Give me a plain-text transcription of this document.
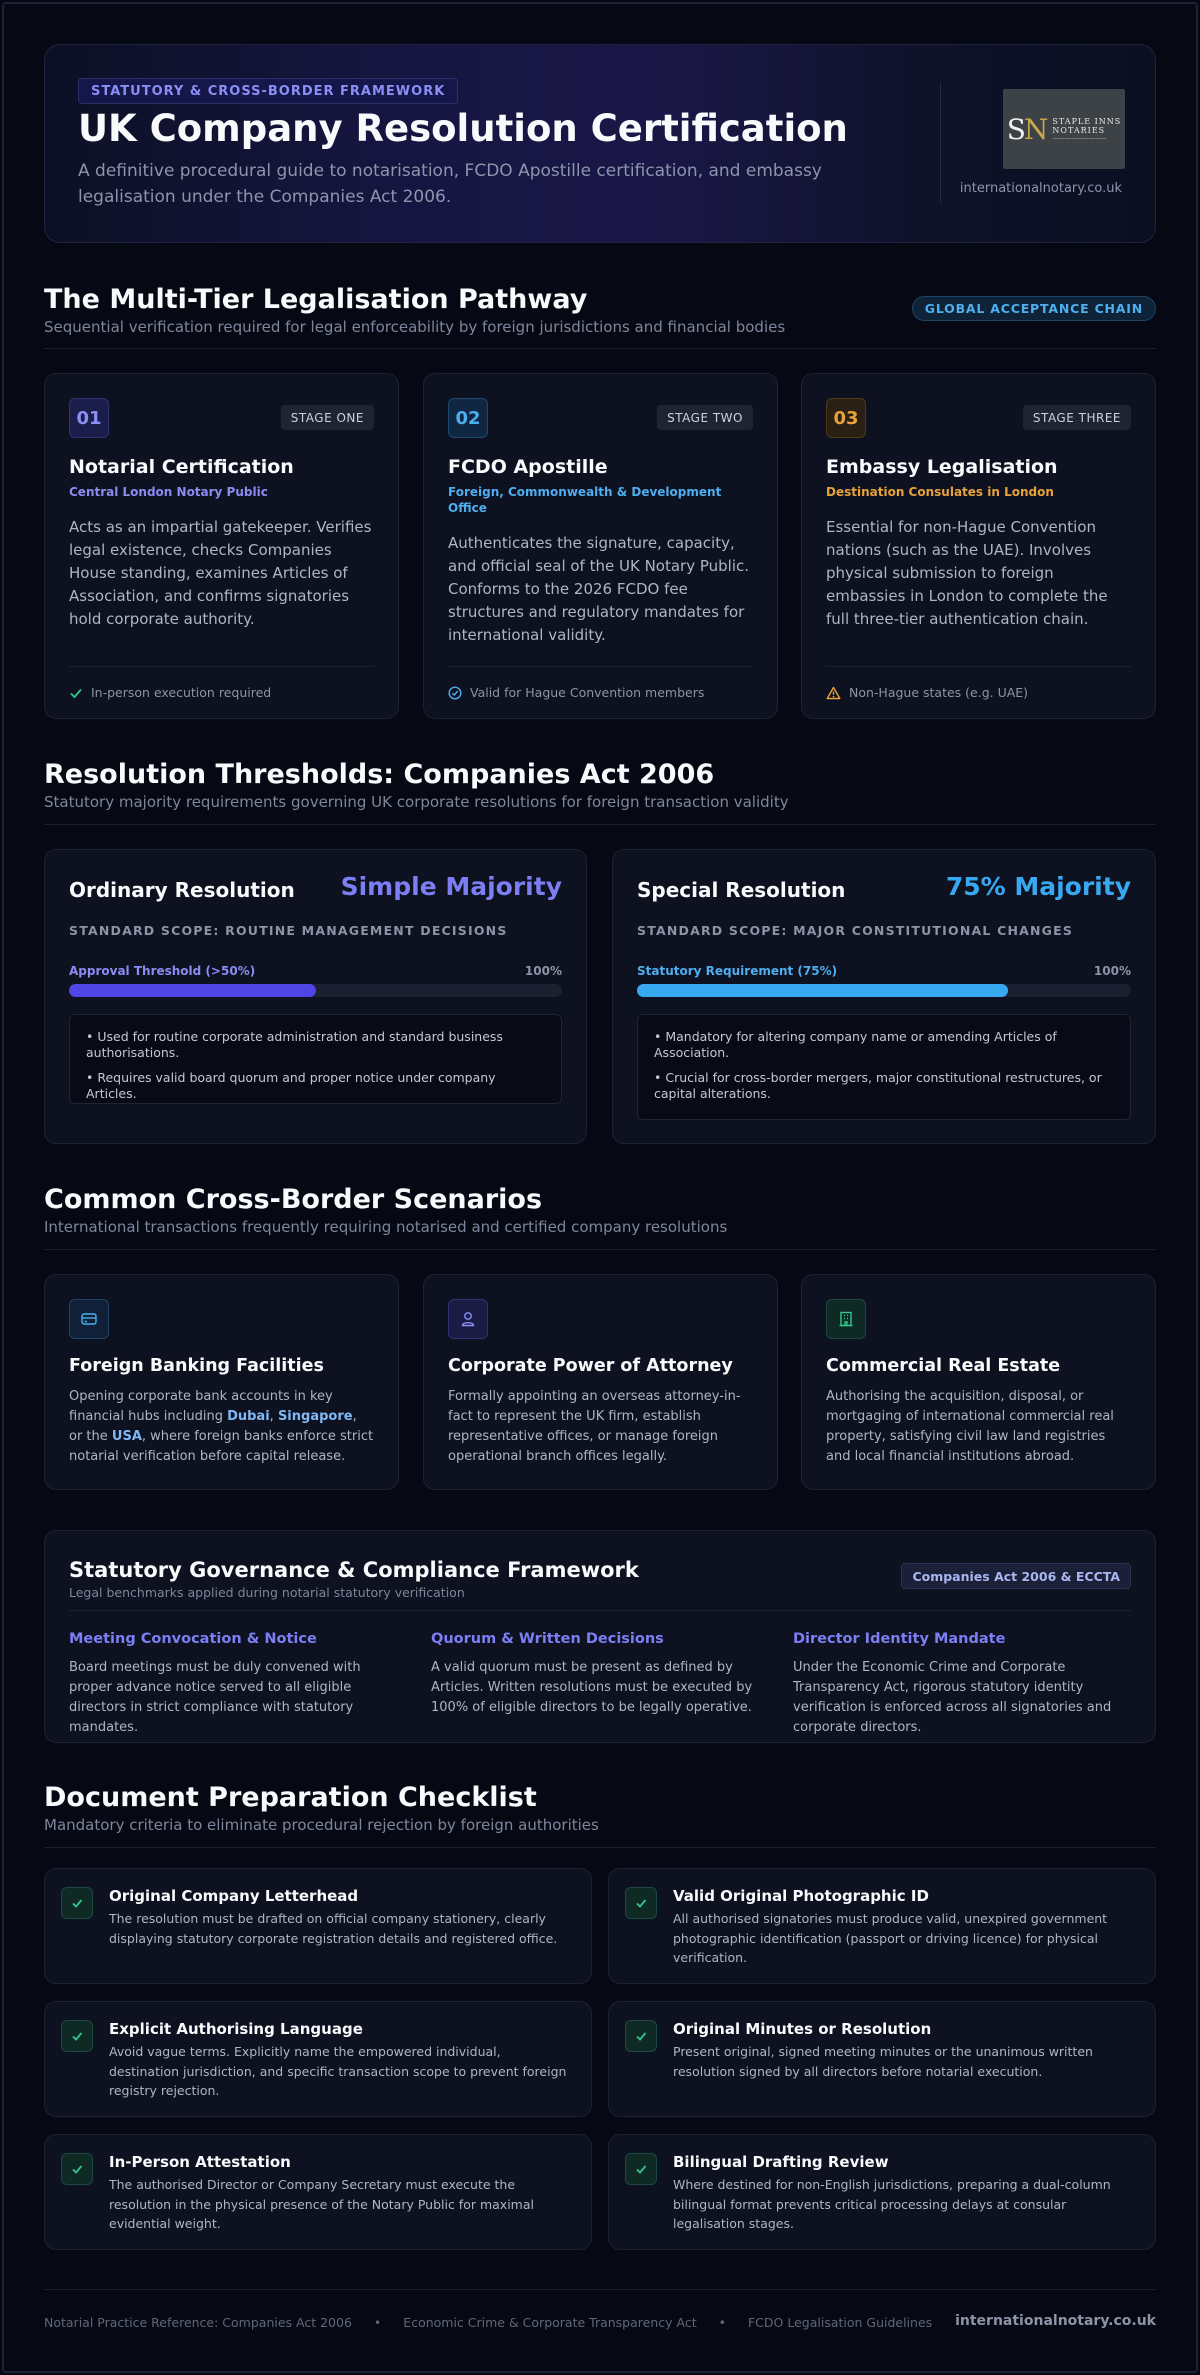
STATUTORY & CROSS-BORDER FRAMEWORK
UK Company Resolution Certification
A definitive procedural guide to notarisation, FCDO Apostille certification, and embassy legalisation under the Companies Act 2006.
SN STAPLE INNS
NOTARIES
—————————
internationalnotary.co.uk
The Multi-Tier Legalisation Pathway
Sequential verification required for legal enforceability by foreign jurisdictions and financial bodies
GLOBAL ACCEPTANCE CHAIN
01	STAGE ONE
Notarial Certification
Central London Notary Public
Acts as an impartial gatekeeper. Verifies legal existence, checks Companies House standing, examines Articles of Association, and confirms signatories hold corporate authority.
In-person execution required
02	STAGE TWO
FCDO Apostille
Foreign, Commonwealth & Development Office
Authenticates the signature, capacity, and official seal of the UK Notary Public. Conforms to the 2026 FCDO fee structures and regulatory mandates for international validity.
Valid for Hague Convention members
03	STAGE THREE
Embassy Legalisation
Destination Consulates in London
Essential for non-Hague Convention nations (such as the UAE). Involves physical submission to foreign embassies in London to complete the full three-tier authentication chain.
Non-Hague states (e.g. UAE)
Resolution Thresholds: Companies Act 2006
Statutory majority requirements governing UK corporate resolutions for foreign transaction validity
Ordinary Resolution Simple Majority
STANDARD SCOPE: ROUTINE MANAGEMENT DECISIONS
Approval Threshold (>50%)	100%
• Used for routine corporate administration and standard business authorisations.
• Requires valid board quorum and proper notice under company Articles.
Special Resolution	75% Majority
STANDARD SCOPE: MAJOR CONSTITUTIONAL CHANGES
Statutory Requirement (75%)	100%
• Mandatory for altering company name or amending Articles of Association.
• Crucial for cross-border mergers, major constitutional restructures, or capital alterations.
Common Cross-Border Scenarios
International transactions frequently requiring notarised and certified company resolutions
Foreign Banking Facilities
Opening corporate bank accounts in key financial hubs including Dubai, Singapore, or the USA, where foreign banks enforce strict notarial verification before capital release.
Corporate Power of Attorney
Formally appointing an overseas attorney-in-fact to represent the UK firm, establish representative offices, or manage foreign operational branch offices legally.
Commercial Real Estate
Authorising the acquisition, disposal, or mortgaging of international commercial real property, satisfying civil law land registries and local financial institutions abroad.
Statutory Governance & Compliance Framework
Legal benchmarks applied during notarial statutory verification
Companies Act 2006 & ECCTA
Meeting Convocation & Notice
Board meetings must be duly convened with proper advance notice served to all eligible directors in strict compliance with statutory mandates.
Quorum & Written Decisions
A valid quorum must be present as defined by Articles. Written resolutions must be executed by 100% of eligible directors to be legally operative.
Director Identity Mandate
Under the Economic Crime and Corporate Transparency Act, rigorous statutory identity verification is enforced across all signatories and corporate directors.
Document Preparation Checklist
Mandatory criteria to eliminate procedural rejection by foreign authorities
Original Company Letterhead
The resolution must be drafted on official company stationery, clearly displaying statutory corporate registration details and registered office.
Valid Original Photographic ID
All authorised signatories must produce valid, unexpired government photographic identification (passport or driving licence) for physical verification.
Explicit Authorising Language
Avoid vague terms. Explicitly name the empowered individual, destination jurisdiction, and specific transaction scope to prevent foreign registry rejection.
Original Minutes or Resolution
Present original, signed meeting minutes or the unanimous written resolution signed by all directors before notarial execution.
In-Person Attestation
The authorised Director or Company Secretary must execute the resolution in the physical presence of the Notary Public for maximal evidential weight.
Bilingual Drafting Review
Where destined for non-English jurisdictions, preparing a dual-column bilingual format prevents critical processing delays at consular legalisation stages.
Notarial Practice Reference: Companies Act 2006 • Economic Crime & Corporate Transparency Act • FCDO Legalisation Guidelines internationalnotary.co.uk
